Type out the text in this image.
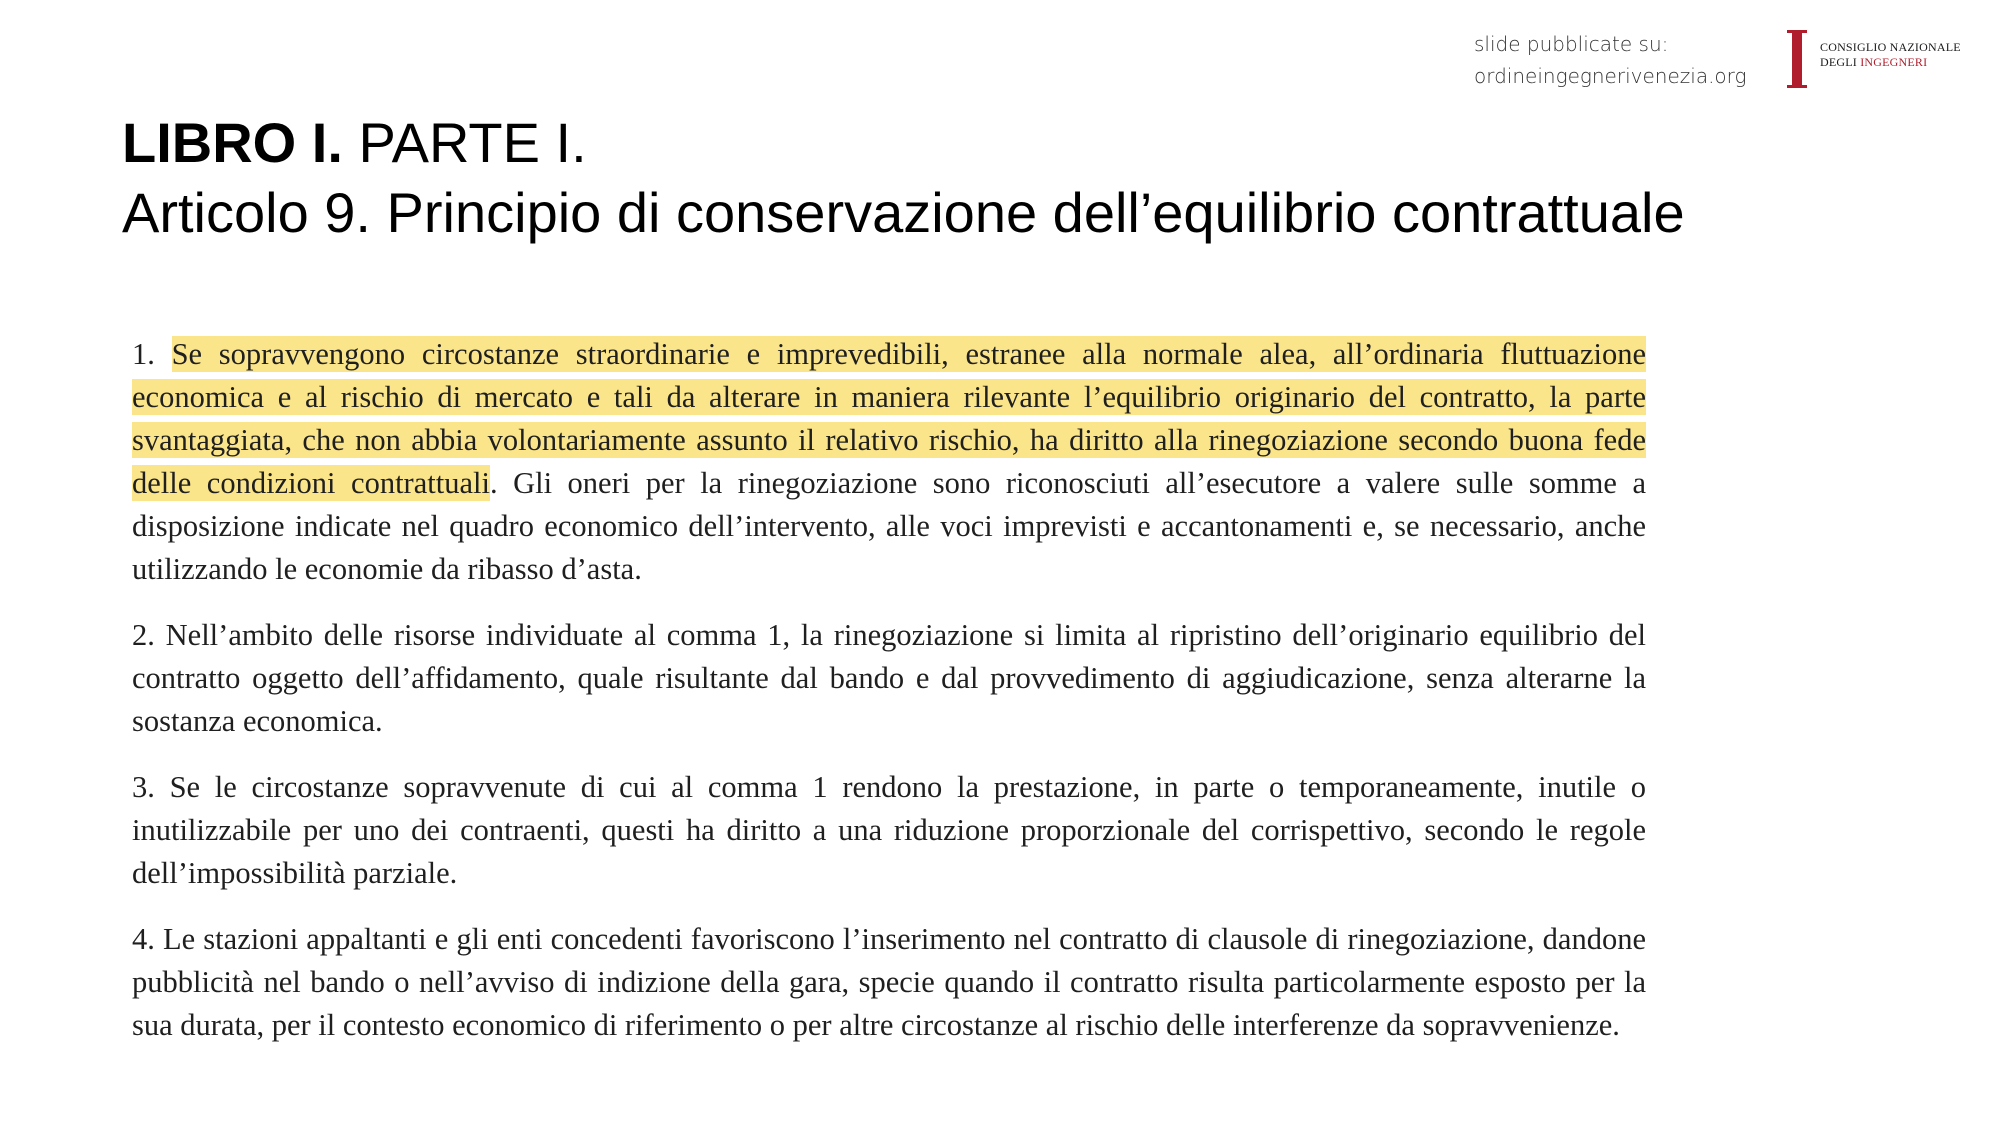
slide pubblicate su:
ordineingegnerivenezia.org
CONSIGLIO NAZIONALE
DEGLI INGEGNERI
LIBRO I. PARTE I.
Articolo 9. Principio di conservazione dell’equilibrio contrattuale

1. Se sopravvengono circostanze straordinarie e imprevedibili, estranee alla normale alea, all’ordinaria fluttuazione economica e al rischio di mercato e tali da alterare in maniera rilevante l’equilibrio originario del contratto, la parte svantaggiata, che non abbia volontariamente assunto il relativo rischio, ha diritto alla rinegoziazione secondo buona fede delle condizioni contrattuali. Gli oneri per la rinegoziazione sono riconosciuti all’esecutore a valere sulle somme a disposizione indicate nel quadro economico dell’intervento, alle voci imprevisti e accantonamenti e, se necessario, anche utilizzando le economie da ribasso d’asta.

2. Nell’ambito delle risorse individuate al comma 1, la rinegoziazione si limita al ripristino dell’originario equilibrio del contratto oggetto dell’affidamento, quale risultante dal bando e dal provvedimento di aggiudicazione, senza alterarne la sostanza economica.

3. Se le circostanze sopravvenute di cui al comma 1 rendono la prestazione, in parte o temporaneamente, inutile o inutilizzabile per uno dei contraenti, questi ha diritto a una riduzione proporzionale del corrispettivo, secondo le regole dell’impossibilità parziale.

4. Le stazioni appaltanti e gli enti concedenti favoriscono l’inserimento nel contratto di clausole di rinegoziazione, dandone pubblicità nel bando o nell’avviso di indizione della gara, specie quando il contratto risulta particolarmente esposto per la sua durata, per il contesto economico di riferimento o per altre circostanze al rischio delle interferenze da sopravvenienze.
